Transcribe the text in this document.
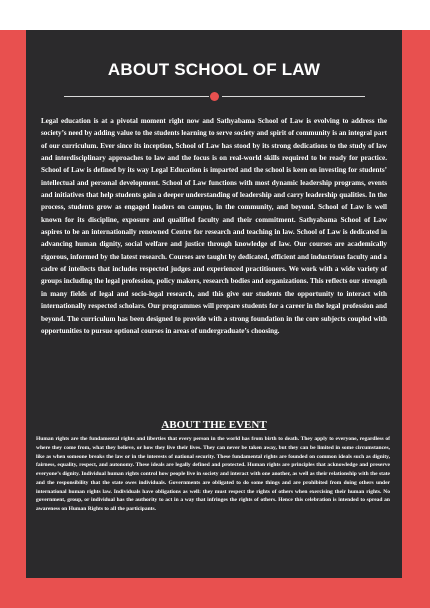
ABOUT SCHOOL OF LAW

Legal education is at a pivotal moment right now and Sathyabama School of Law is evolving to address the society’s need by adding value to the students learning to serve society and spirit of community is an integral part of our curriculum. Ever since its inception, School of Law has stood by its strong dedications to the study of law and interdisciplinary approaches to law and the focus is on real-world skills required to be ready for practice. School of Law is defined by its way Legal Education is imparted and the school is keen on investing for students’ intellectual and personal development. School of Law functions with most dynamic leadership programs, events and initiatives that help students gain a deeper understanding of leadership and carry leadership qualities. In the process, students grow as engaged leaders on campus, in the community, and beyond. School of Law is well known for its discipline, exposure and qualified faculty and their commitment. Sathyabama School of Law aspires to be an internationally renowned Centre for research and teaching in law. School of Law is dedicated in advancing human dignity, social welfare and justice through knowledge of law. Our courses are academically rigorous, informed by the latest research. Courses are taught by dedicated, efficient and industrious faculty and a cadre of intellects that includes respected judges and experienced practitioners. We work with a wide variety of groups including the legal profession, policy makers, research bodies and organizations. This reflects our strength in many fields of legal and socio-legal research, and this give our students the opportunity to interact with internationally respected scholars. Our programmes will prepare students for a career in the legal profession and beyond. The curriculum has been designed to provide with a strong foundation in the core subjects coupled with opportunities to pursue optional courses in areas of undergraduate’s choosing.

ABOUT THE EVENT

Human rights are the fundamental rights and liberties that every person in the world has from birth to death. They apply to everyone, regardless of where they come from, what they believe, or how they live their lives. They can never be taken away, but they can be limited in some circumstances, like as when someone breaks the law or in the interests of national security. These fundamental rights are founded on common ideals such as dignity, fairness, equality, respect, and autonomy. These ideals are legally defined and protected. Human rights are principles that acknowledge and preserve everyone’s dignity. Individual human rights control how people live in society and interact with one another, as well as their relationship with the state and the responsibility that the state owes individuals. Governments are obligated to do some things and are prohibited from doing others under international human rights law. Individuals have obligations as well: they must respect the rights of others when exercising their human rights. No government, group, or individual has the authority to act in a way that infringes the rights of others. Hence this celebration is intended to spread an awareness on Human Rights to all the participants.
